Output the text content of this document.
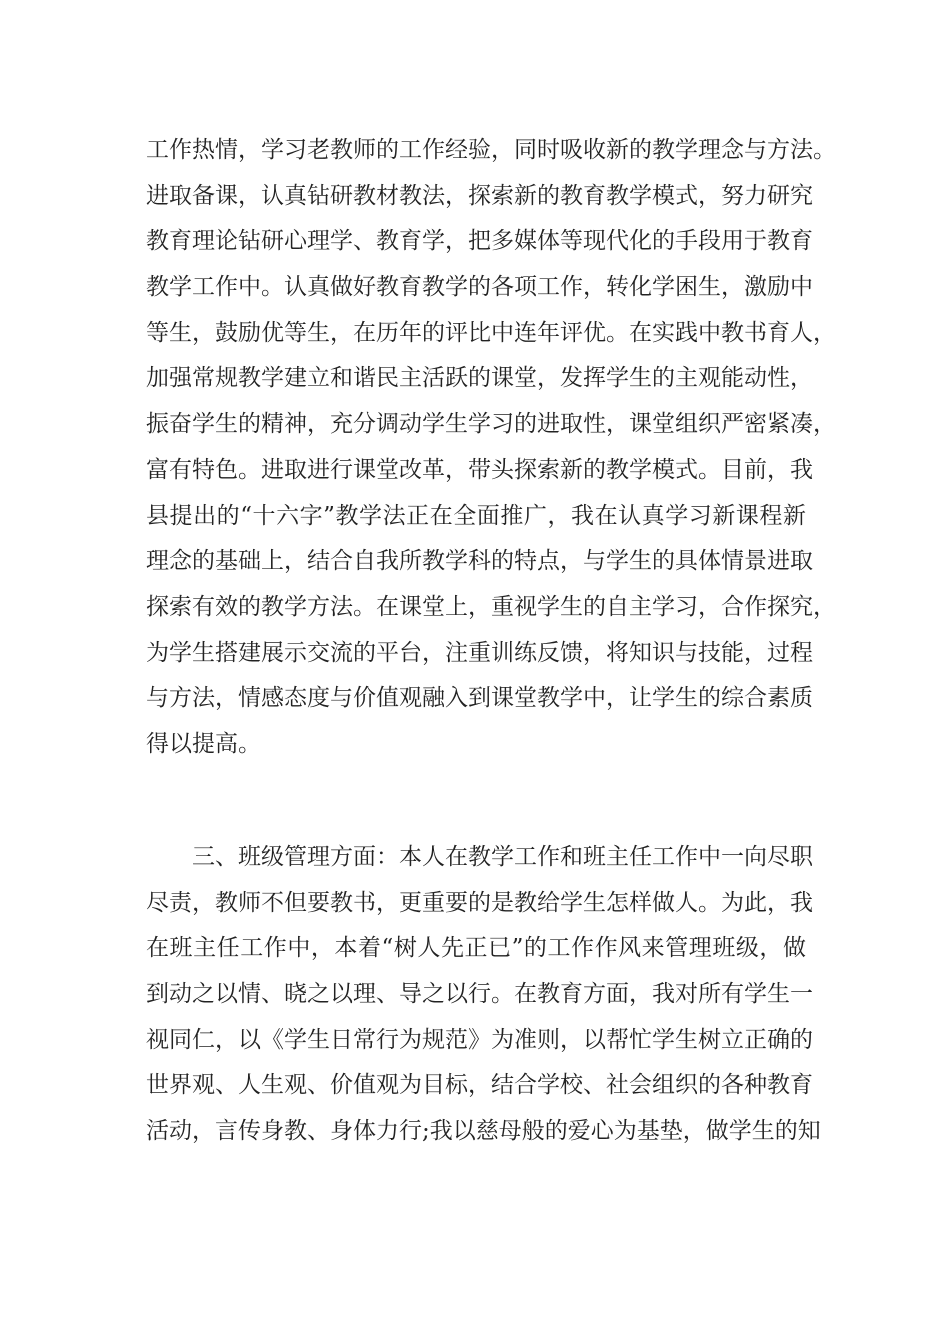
工作热情，学习老教师的工作经验，同时吸收新的教学理念与方法。
进取备课，认真钻研教材教法，探索新的教育教学模式，努力研究
教育理论钻研心理学、教育学，把多媒体等现代化的手段用于教育
教学工作中。认真做好教育教学的各项工作，转化学困生，激励中
等生，鼓励优等生，在历年的评比中连年评优。在实践中教书育人，
加强常规教学建立和谐民主活跃的课堂，发挥学生的主观能动性，
振奋学生的精神，充分调动学生学习的进取性，课堂组织严密紧凑，
富有特色。进取进行课堂改革，带头探索新的教学模式。目前，我
县提出的“十六字”教学法正在全面推广，我在认真学习新课程新
理念的基础上，结合自我所教学科的特点，与学生的具体情景进取
探索有效的教学方法。在课堂上，重视学生的自主学习，合作探究，
为学生搭建展示交流的平台，注重训练反馈，将知识与技能，过程
与方法，情感态度与价值观融入到课堂教学中，让学生的综合素质
得以提高。
三、班级管理方面：本人在教学工作和班主任工作中一向尽职
尽责，教师不但要教书，更重要的是教给学生怎样做人。为此，我
在班主任工作中，本着“树人先正已”的工作作风来管理班级，做
到动之以情、晓之以理、导之以行。在教育方面，我对所有学生一
视同仁，以《学生日常行为规范》为准则，以帮忙学生树立正确的
世界观、人生观、价值观为目标，结合学校、社会组织的各种教育
活动，言传身教、身体力行;我以慈母般的爱心为基垫，做学生的知
